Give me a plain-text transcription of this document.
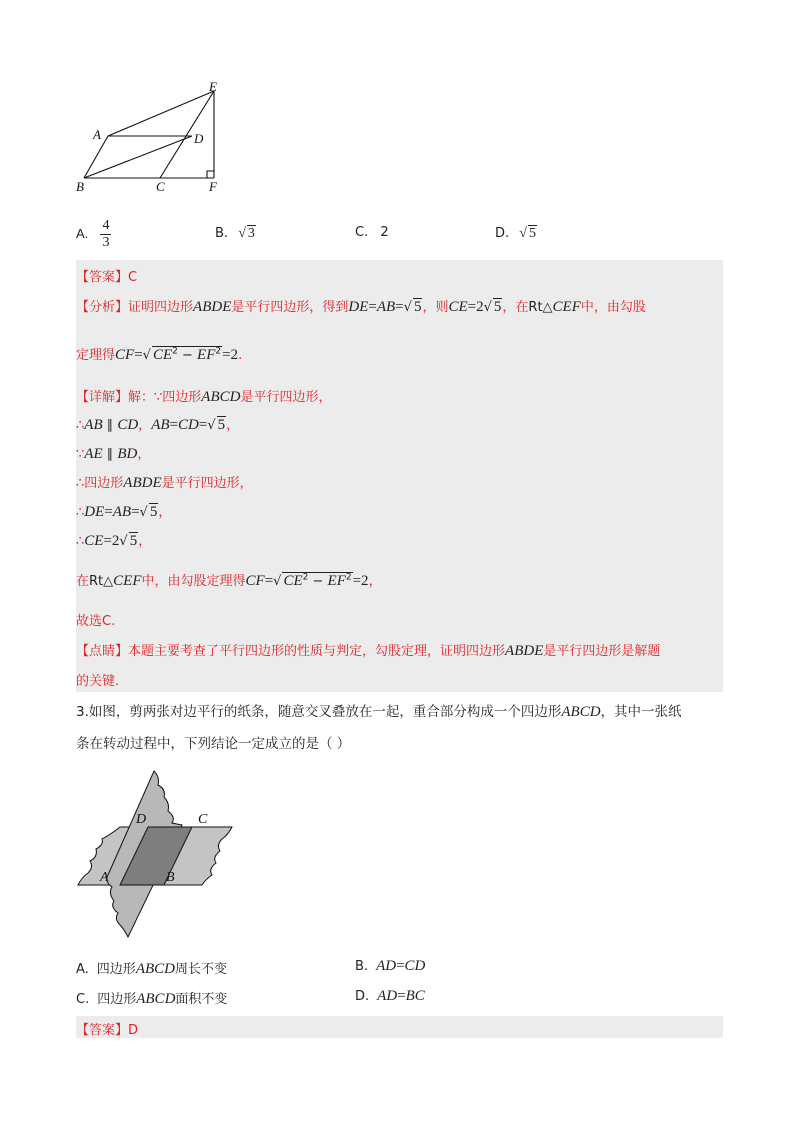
E
A	D
B	C	F
A. $\frac{4}{3}$	B. √ 3	C. 2	D. √ 5
【答案】C
【分析】证明四边形ABDE是平行四边形，得到DE=AB=√ 5，则CE=2√ 5，在Rt△CEF中，由勾股
定理得CF=√ $CE^2 - EF^2=2$.
【详解】解：∵四边形ABCD是平行四边形，
∴AB ∥ CD，AB=CD=√ 5，
∵AE ∥ BD，
∴四边形ABDE是平行四边形，
∴DE=AB=√ 5，
∴CE=2√ 5，
在Rt△CEF中，由勾股定理得CF=√ $CE^2 - EF^2=2$，
故选C.
【点睛】本题主要考查了平行四边形的性质与判定，勾股定理，证明四边形ABDE是平行四边形是解题
的关键.
3.如图，剪两张对边平行的纸条，随意交叉叠放在一起，重合部分构成一个四边形ABCD，其中一张纸
条在转动过程中，下列结论一定成立的是（ ）
D	C
A	B
A. 四边形ABCD周长不变	B. AD=CD
C. 四边形ABCD面积不变	D. AD=BC
【答案】D
